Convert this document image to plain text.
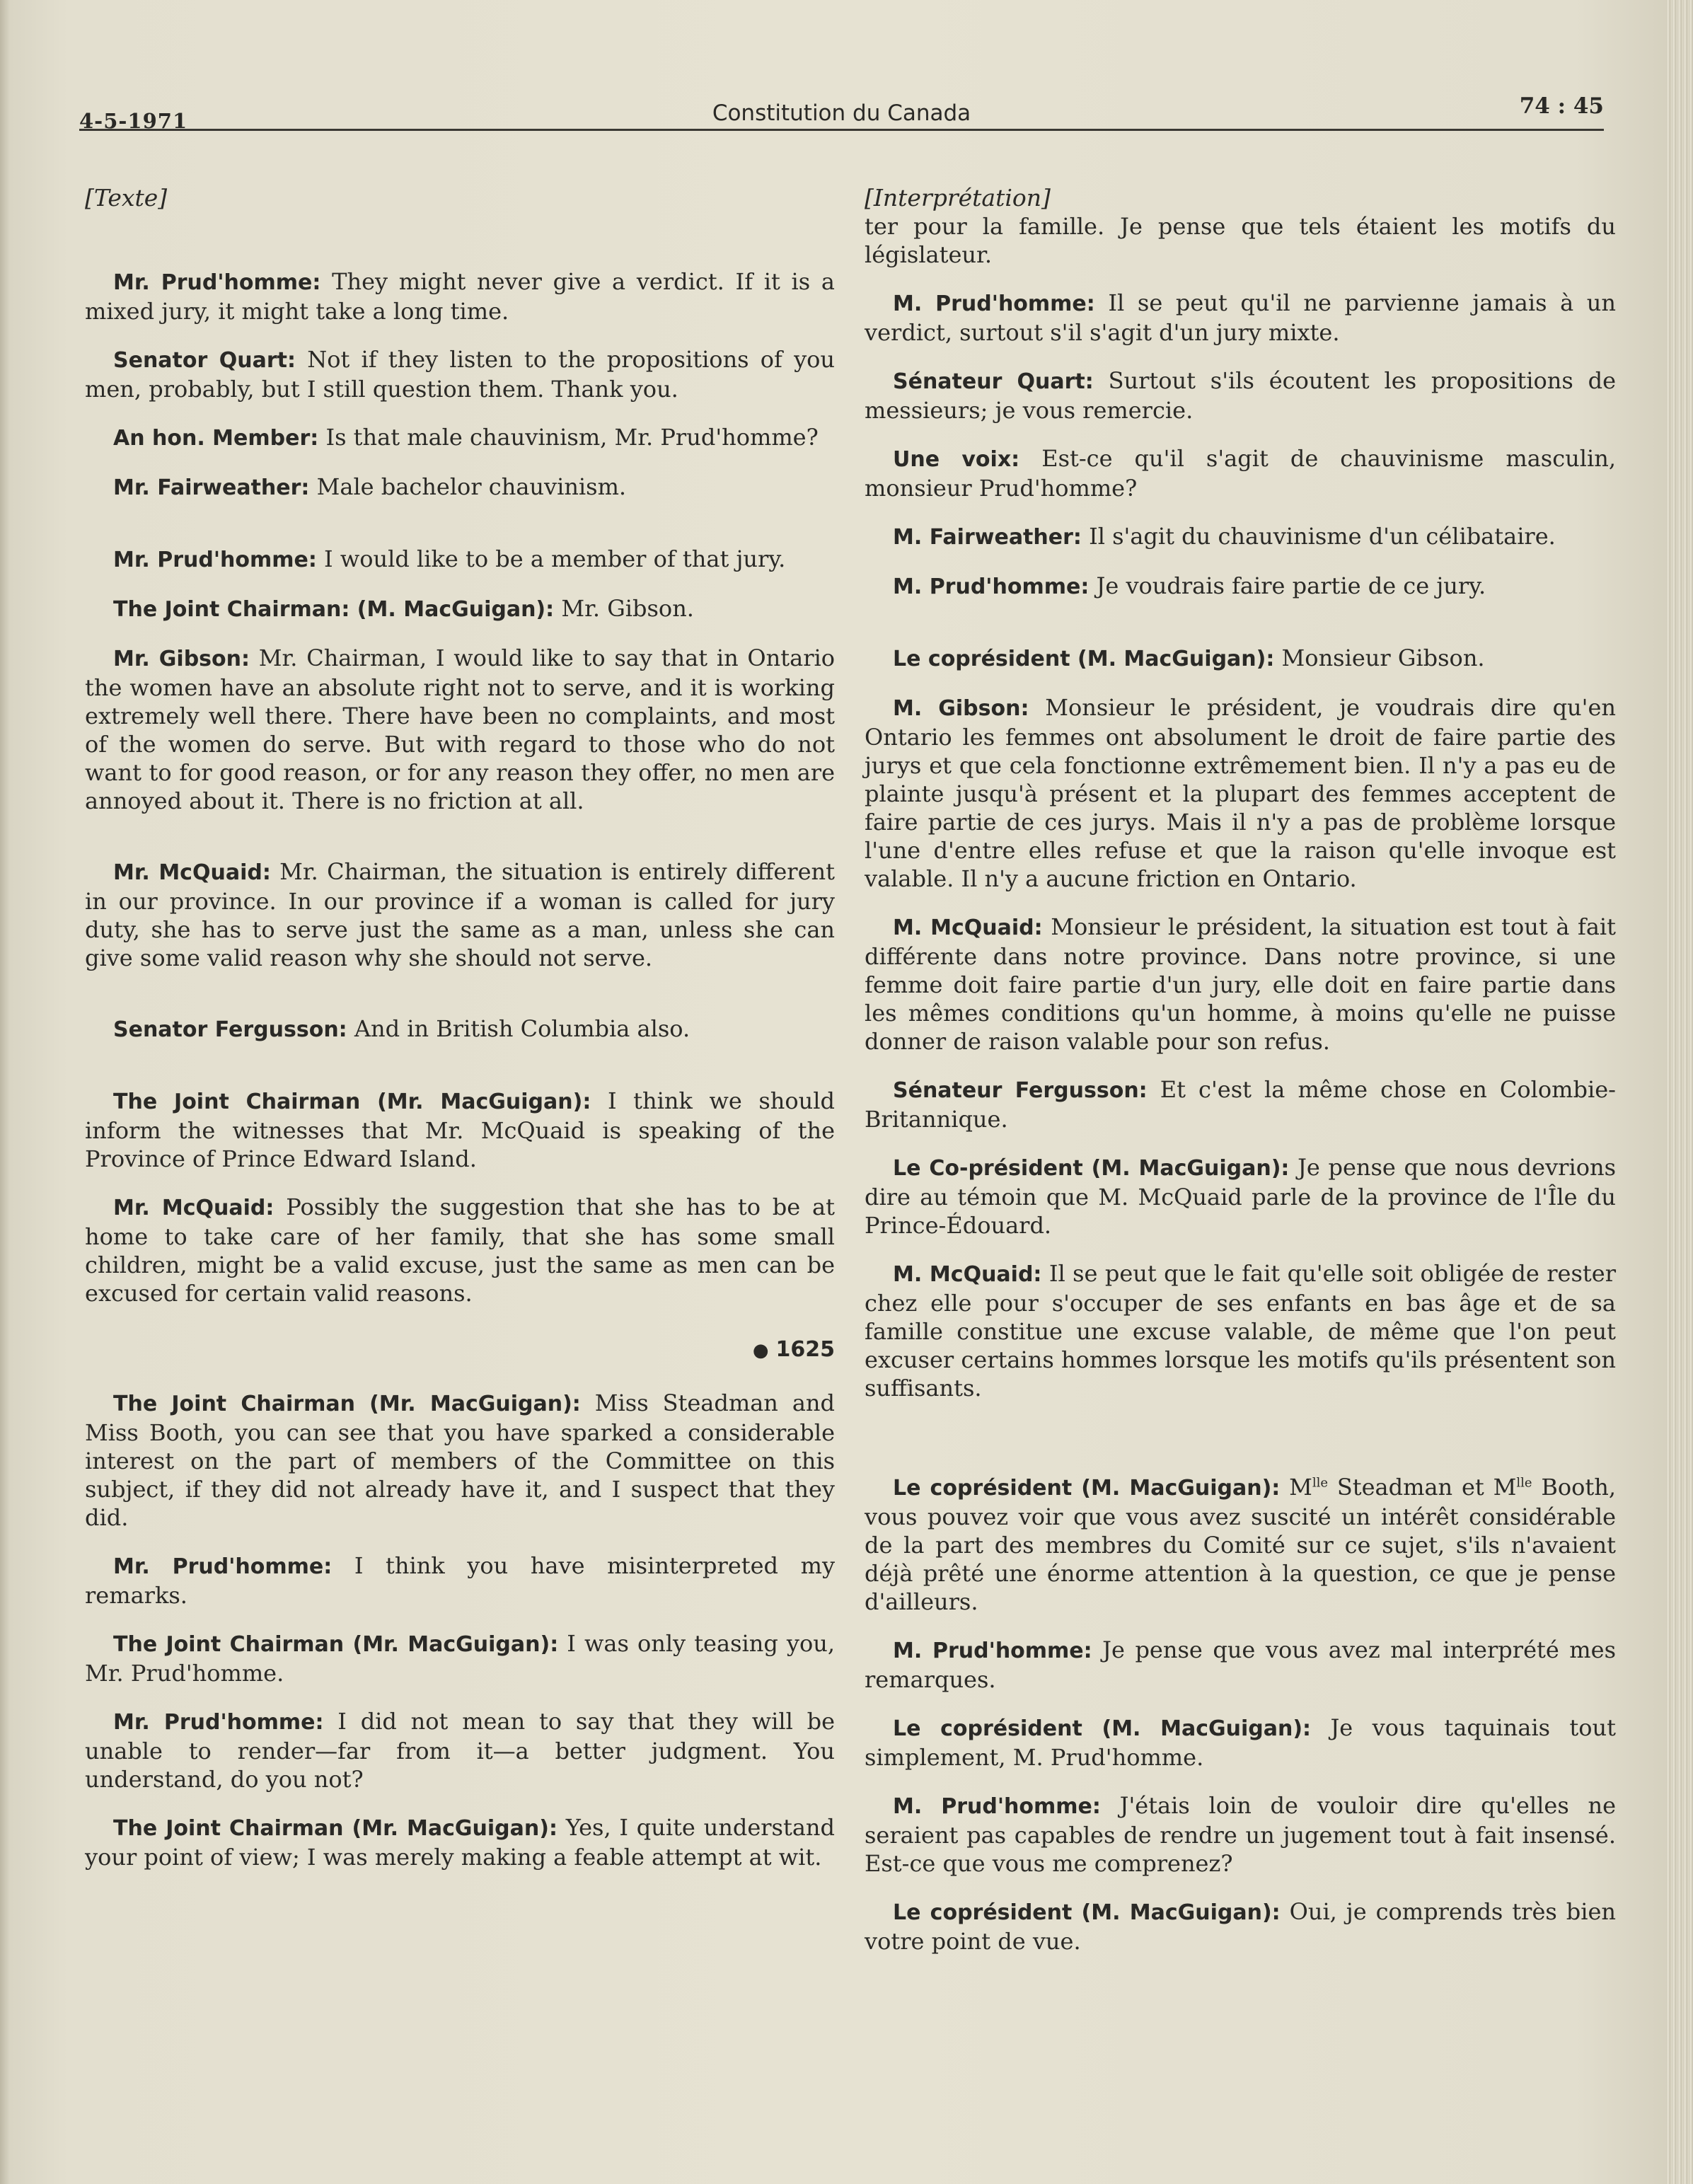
4-5-1971	Constitution du Canada	74 : 45
[Texte]

Mr. Prud'homme: They might never give a verdict. If it is a mixed jury, it might take a long time.

Senator Quart: Not if they listen to the propositions of you men, probably, but I still question them. Thank you.

An hon. Member: Is that male chauvinism, Mr. Prud'homme?

Mr. Fairweather: Male bachelor chauvinism.

Mr. Prud'homme: I would like to be a member of that jury.

The Joint Chairman: (M. MacGuigan): Mr. Gibson.

Mr. Gibson: Mr. Chairman, I would like to say that in Ontario the women have an absolute right not to serve, and it is working extremely well there. There have been no complaints, and most of the women do serve. But with regard to those who do not want to for good reason, or for any reason they offer, no men are annoyed about it. There is no friction at all.

Mr. McQuaid: Mr. Chairman, the situation is entirely different in our province. In our province if a woman is called for jury duty, she has to serve just the same as a man, unless she can give some valid reason why she should not serve.

Senator Fergusson: And in British Columbia also.

The Joint Chairman (Mr. MacGuigan): I think we should inform the witnesses that Mr. McQuaid is speaking of the Province of Prince Edward Island.

Mr. McQuaid: Possibly the suggestion that she has to be at home to take care of her family, that she has some small children, might be a valid excuse, just the same as men can be excused for certain valid reasons.

● 1625

The Joint Chairman (Mr. MacGuigan): Miss Steadman and Miss Booth, you can see that you have sparked a considerable interest on the part of members of the Committee on this subject, if they did not already have it, and I suspect that they did.

Mr. Prud'homme: I think you have misinterpreted my remarks.

The Joint Chairman (Mr. MacGuigan): I was only teasing you, Mr. Prud'homme.

Mr. Prud'homme: I did not mean to say that they will be unable to render—far from it—a better judgment. You understand, do you not?

The Joint Chairman (Mr. MacGuigan): Yes, I quite understand your point of view; I was merely making a feable attempt at wit.

[Interprétation]

ter pour la famille. Je pense que tels étaient les motifs du législateur.

M. Prud'homme: Il se peut qu'il ne parvienne jamais à un verdict, surtout s'il s'agit d'un jury mixte.

Sénateur Quart: Surtout s'ils écoutent les propositions de messieurs; je vous remercie.

Une voix: Est-ce qu'il s'agit de chauvinisme masculin, monsieur Prud'homme?

M. Fairweather: Il s'agit du chauvinisme d'un célibataire.

M. Prud'homme: Je voudrais faire partie de ce jury.

Le coprésident (M. MacGuigan): Monsieur Gibson.

M. Gibson: Monsieur le président, je voudrais dire qu'en Ontario les femmes ont absolument le droit de faire partie des jurys et que cela fonctionne extrêmement bien. Il n'y a pas eu de plainte jusqu'à présent et la plupart des femmes acceptent de faire partie de ces jurys. Mais il n'y a pas de problème lorsque l'une d'entre elles refuse et que la raison qu'elle invoque est valable. Il n'y a aucune friction en Ontario.

M. McQuaid: Monsieur le président, la situation est tout à fait différente dans notre province. Dans notre province, si une femme doit faire partie d'un jury, elle doit en faire partie dans les mêmes conditions qu'un homme, à moins qu'elle ne puisse donner de raison valable pour son refus.

Sénateur Fergusson: Et c'est la même chose en Colombie-Britannique.

Le Co-président (M. MacGuigan): Je pense que nous devrions dire au témoin que M. McQuaid parle de la province de l'Île du Prince-Édouard.

M. McQuaid: Il se peut que le fait qu'elle soit obligée de rester chez elle pour s'occuper de ses enfants en bas âge et de sa famille constitue une excuse valable, de même que l'on peut excuser certains hommes lorsque les motifs qu'ils présentent son suffisants.

Le coprésident (M. MacGuigan): $M^{lle}$ Steadman et $M^{lle}$ Booth, vous pouvez voir que vous avez suscité un intérêt considérable de la part des membres du Comité sur ce sujet, s'ils n'avaient déjà prêté une énorme attention à la question, ce que je pense d'ailleurs.

M. Prud'homme: Je pense que vous avez mal interprété mes remarques.

Le coprésident (M. MacGuigan): Je vous taquinais tout simplement, M. Prud'homme.

M. Prud'homme: J'étais loin de vouloir dire qu'elles ne seraient pas capables de rendre un jugement tout à fait insensé. Est-ce que vous me comprenez?

Le coprésident (M. MacGuigan): Oui, je comprends très bien votre point de vue.
